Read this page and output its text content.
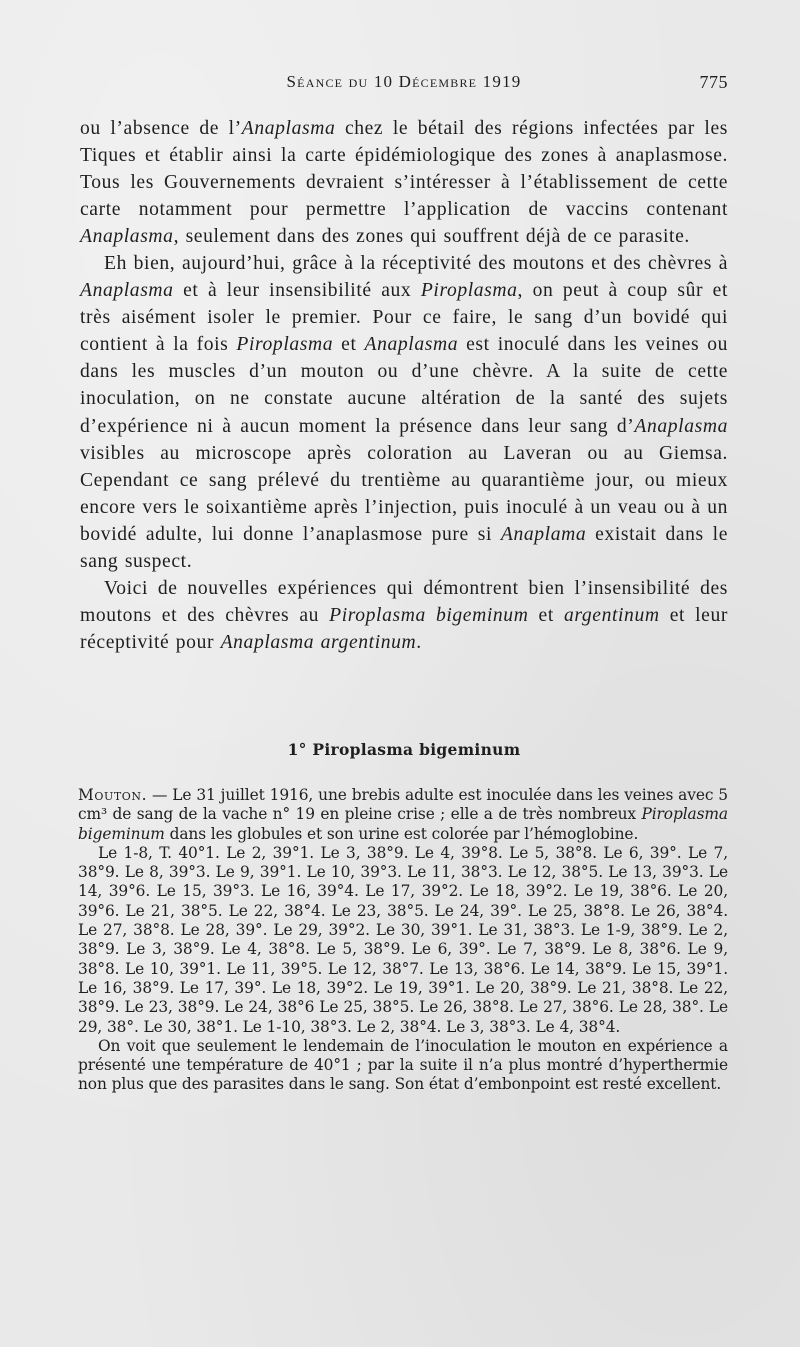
Séance du 10 Décembre 1919	775

ou l’absence de l’Anaplasma chez le bétail des régions infectées par les Tiques et établir ainsi la carte épidémiologique des zones à anaplasmose. Tous les Gouvernements devraient s’intéresser à l’établissement de cette carte notamment pour permettre l’application de vaccins contenant Anaplasma, seulement dans des zones qui souffrent déjà de ce parasite.

Eh bien, aujourd’hui, grâce à la réceptivité des moutons et des chèvres à Anaplasma et à leur insensibilité aux Piroplasma, on peut à coup sûr et très aisément isoler le premier. Pour ce faire, le sang d’un bovidé qui contient à la fois Piroplasma et Anaplasma est inoculé dans les veines ou dans les muscles d’un mouton ou d’une chèvre. A la suite de cette inoculation, on ne constate aucune altération de la santé des sujets d’expérience ni à aucun moment la présence dans leur sang d’Anaplasma visibles au microscope après coloration au Laveran ou au Giemsa. Cependant ce sang prélevé du trentième au quarantième jour, ou mieux encore vers le soixantième après l’injection, puis inoculé à un veau ou à un bovidé adulte, lui donne l’anaplasmose pure si Anaplama existait dans le sang suspect.

Voici de nouvelles expériences qui démontrent bien l’insensibilité des moutons et des chèvres au Piroplasma bigeminum et argentinum et leur réceptivité pour Anaplasma argentinum.

1° Piroplasma bigeminum

Mouton. — Le 31 juillet 1916, une brebis adulte est inoculée dans les veines avec 5 cm³ de sang de la vache n° 19 en pleine crise ; elle a de très nombreux Piroplasma bigeminum dans les globules et son urine est colorée par l’hémoglobine.

Le 1-8, T. 40°1. Le 2, 39°1. Le 3, 38°9. Le 4, 39°8. Le 5, 38°8. Le 6, 39°. Le 7, 38°9. Le 8, 39°3. Le 9, 39°1. Le 10, 39°3. Le 11, 38°3. Le 12, 38°5. Le 13, 39°3. Le 14, 39°6. Le 15, 39°3. Le 16, 39°4. Le 17, 39°2. Le 18, 39°2. Le 19, 38°6. Le 20, 39°6. Le 21, 38°5. Le 22, 38°4. Le 23, 38°5. Le 24, 39°. Le 25, 38°8. Le 26, 38°4. Le 27, 38°8. Le 28, 39°. Le 29, 39°2. Le 30, 39°1. Le 31, 38°3. Le 1-9, 38°9. Le 2, 38°9. Le 3, 38°9. Le 4, 38°8. Le 5, 38°9. Le 6, 39°. Le 7, 38°9. Le 8, 38°6. Le 9, 38°8. Le 10, 39°1. Le 11, 39°5. Le 12, 38°7. Le 13, 38°6. Le 14, 38°9. Le 15, 39°1. Le 16, 38°9. Le 17, 39°. Le 18, 39°2. Le 19, 39°1. Le 20, 38°9. Le 21, 38°8. Le 22, 38°9. Le 23, 38°9. Le 24, 38°6 Le 25, 38°5. Le 26, 38°8. Le 27, 38°6. Le 28, 38°. Le 29, 38°. Le 30, 38°1. Le 1-10, 38°3. Le 2, 38°4. Le 3, 38°3. Le 4, 38°4.

On voit que seulement le lendemain de l’inoculation le mouton en expérience a présenté une température de 40°1 ; par la suite il n’a plus montré d’hyperthermie non plus que des parasites dans le sang. Son état d’embonpoint est resté excellent.
